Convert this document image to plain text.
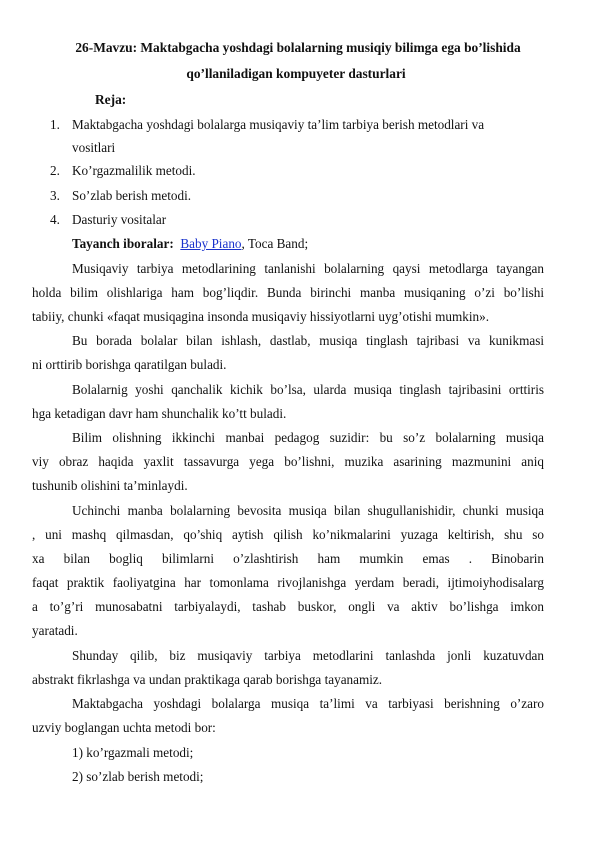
26-Mavzu: Maktabgacha yoshdagi bolalarning musiqiy bilimga ega bo’lishida
qo’llaniladigan kompuyeter dasturlari
Reja:
1. Maktabgacha yoshdagi bolalarga musiqaviy ta’lim tarbiya berish metodlari va
vositlari
2. Ko’rgazmalilik metodi.
3. So’zlab berish metodi.
4. Dasturiy vositalar
Tayanch iboralar: Baby Piano, Toca Band;
Musiqaviy tarbiya metodlarining tanlanishi bolalarning qaysi metodlarga tayangan
holda bilim olishlariga ham bog’liqdir. Bunda birinchi manba musiqaning o’zi bo’lishi
tabiiy, chunki «faqat musiqagina insonda musiqaviy hissiyotlarni uyg’otishi mumkin».
Bu borada bolalar bilan ishlash, dastlab, musiqa tinglash tajribasi va kunikmasi
ni orttirib borishga qaratilgan buladi.
Bolalarnig yoshi qanchalik kichik bo’lsa, ularda musiqa tinglash tajribasini orttiris
hga ketadigan davr ham shunchalik ko’tt buladi.
Bilim olishning ikkinchi manbai pedagog suzidir: bu so’z bolalarning musiqa
viy obraz haqida yaxlit tassavurga yega bo’lishni, muzika asarining mazmunini aniq
tushunib olishini ta’minlaydi.
Uchinchi manba bolalarning bevosita musiqa bilan shugullanishidir, chunki musiqa
, uni mashq qilmasdan, qo’shiq aytish qilish ko’nikmalarini yuzaga keltirish, shu so
xa bilan bogliq bilimlarni o’zlashtirish ham mumkin emas . Binobarin
faqat praktik faoliyatgina har tomonlama rivojlanishga yerdam beradi, ijtimoiyhodisalarg
a to’g’ri munosabatni tarbiyalaydi, tashab buskor, ongli va aktiv bo’lishga imkon
yaratadi.
Shunday qilib, biz musiqaviy tarbiya metodlarini tanlashda jonli kuzatuvdan
abstrakt fikrlashga va undan praktikaga qarab borishga tayanamiz.
Maktabgacha yoshdagi bolalarga musiqa ta’limi va tarbiyasi berishning o’zaro
uzviy boglangan uchta metodi bor:
1) ko’rgazmali metodi;
2) so’zlab berish metodi;
